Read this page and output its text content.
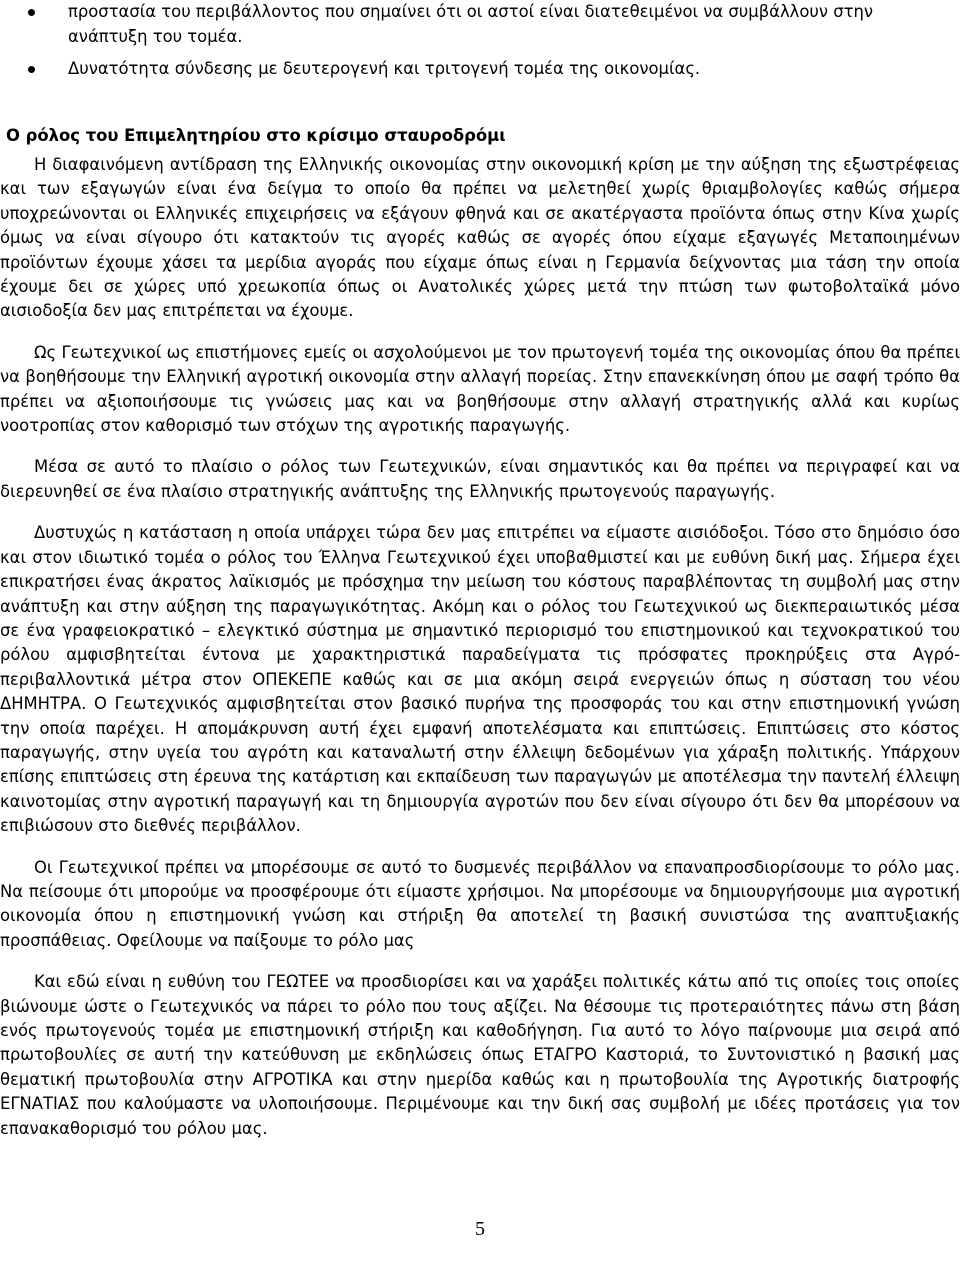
προστασία του περιβάλλοντος που σημαίνει ότι οι αστοί είναι διατεθειμένοι να συμβάλλουν στην ανάπτυξη του τομέα.
Δυνατότητα σύνδεσης με δευτερογενή και τριτογενή τομέα της οικονομίας.
Ο ρόλος του Επιμελητηρίου στο κρίσιμο σταυροδρόμι

Η διαφαινόμενη αντίδραση της Ελληνικής οικονομίας στην οικονομική κρίση με την αύξηση της εξωστρέφειας και των εξαγωγών είναι ένα δείγμα το οποίο θα πρέπει να μελετηθεί χωρίς θριαμβολογίες καθώς σήμερα υποχρεώνονται οι Ελληνικές επιχειρήσεις να εξάγουν φθηνά και σε ακατέργαστα προϊόντα όπως στην Κίνα χωρίς όμως να είναι σίγουρο ότι κατακτούν τις αγορές καθώς σε αγορές όπου είχαμε εξαγωγές Μεταποιημένων προϊόντων έχουμε χάσει τα μερίδια αγοράς που είχαμε όπως είναι η Γερμανία δείχνοντας μια τάση την οποία έχουμε δει σε χώρες υπό χρεωκοπία όπως οι Ανατολικές χώρες μετά την πτώση των φωτοβολταϊκά μόνο αισιοδοξία δεν μας επιτρέπεται να έχουμε.

Ως Γεωτεχνικοί ως επιστήμονες εμείς οι ασχολούμενοι με τον πρωτογενή τομέα της οικονομίας όπου θα πρέπει να βοηθήσουμε την Ελληνική αγροτική οικονομία στην αλλαγή πορείας. Στην επανεκκίνηση όπου με σαφή τρόπο θα πρέπει να αξιοποιήσουμε τις γνώσεις μας και να βοηθήσουμε στην αλλαγή στρατηγικής αλλά και κυρίως νοοτροπίας στον καθορισμό των στόχων της αγροτικής παραγωγής.

Μέσα σε αυτό το πλαίσιο ο ρόλος των Γεωτεχνικών, είναι σημαντικός και θα πρέπει να περιγραφεί και να διερευνηθεί σε ένα πλαίσιο στρατηγικής ανάπτυξης της Ελληνικής πρωτογενούς παραγωγής.

Δυστυχώς η κατάσταση η οποία υπάρχει τώρα δεν μας επιτρέπει να είμαστε αισιόδοξοι. Τόσο στο δημόσιο όσο και στον ιδιωτικό τομέα ο ρόλος του Έλληνα Γεωτεχνικού έχει υποβαθμιστεί και με ευθύνη δική μας. Σήμερα έχει επικρατήσει ένας άκρατος λαϊκισμός με πρόσχημα την μείωση του κόστους παραβλέποντας τη συμβολή μας στην ανάπτυξη και στην αύξηση της παραγωγικότητας. Ακόμη και ο ρόλος του Γεωτεχνικού ως διεκπεραιωτικός μέσα σε ένα γραφειοκρατικό – ελεγκτικό σύστημα με σημαντικό περιορισμό του επιστημονικού και τεχνοκρατικού του ρόλου αμφισβητείται έντονα με χαρακτηριστικά παραδείγματα τις πρόσφατες προκηρύξεις στα Αγρό-περιβαλλοντικά μέτρα στον ΟΠΕΚΕΠΕ καθώς και σε μια ακόμη σειρά ενεργειών όπως η σύσταση του νέου ΔΗΜΗΤΡΑ. Ο Γεωτεχνικός αμφισβητείται στον βασικό πυρήνα της προσφοράς του και στην επιστημονική γνώση την οποία παρέχει. Η απομάκρυνση αυτή έχει εμφανή αποτελέσματα και επιπτώσεις. Επιπτώσεις στο κόστος παραγωγής, στην υγεία του αγρότη και καταναλωτή στην έλλειψη δεδομένων για χάραξη πολιτικής. Υπάρχουν επίσης επιπτώσεις στη έρευνα της κατάρτιση και εκπαίδευση των παραγωγών με αποτέλεσμα την παντελή έλλειψη καινοτομίας στην αγροτική παραγωγή και τη δημιουργία αγροτών που δεν είναι σίγουρο ότι δεν θα μπορέσουν να επιβιώσουν στο διεθνές περιβάλλον.

Οι Γεωτεχνικοί πρέπει να μπορέσουμε σε αυτό το δυσμενές περιβάλλον να επαναπροσδιορίσουμε το ρόλο μας. Να πείσουμε ότι μπορούμε να προσφέρουμε ότι είμαστε χρήσιμοι. Να μπορέσουμε να δημιουργήσουμε μια αγροτική οικονομία όπου η επιστημονική γνώση και στήριξη θα αποτελεί τη βασική συνιστώσα της αναπτυξιακής προσπάθειας. Οφείλουμε να παίξουμε το ρόλο μας

Και εδώ είναι η ευθύνη του ΓΕΩΤΕΕ να προσδιορίσει και να χαράξει πολιτικές κάτω από τις οποίες τοις οποίες βιώνουμε ώστε ο Γεωτεχνικός να πάρει το ρόλο που τους αξίζει. Να θέσουμε τις προτεραιότητες πάνω στη βάση ενός πρωτογενούς τομέα με επιστημονική στήριξη και καθοδήγηση. Για αυτό το λόγο παίρνουμε μια σειρά από πρωτοβουλίες σε αυτή την κατεύθυνση με εκδηλώσεις όπως ΕΤΑΓΡΟ Καστοριά, το Συντονιστικό η βασική μας θεματική πρωτοβουλία στην ΑΓΡΟΤΙΚΑ και στην ημερίδα καθώς και η πρωτοβουλία της Αγροτικής διατροφής ΕΓΝΑΤΙΑΣ που καλούμαστε να υλοποιήσουμε. Περιμένουμε και την δική σας συμβολή με ιδέες προτάσεις για τον επανακαθορισμό του ρόλου μας.

5
